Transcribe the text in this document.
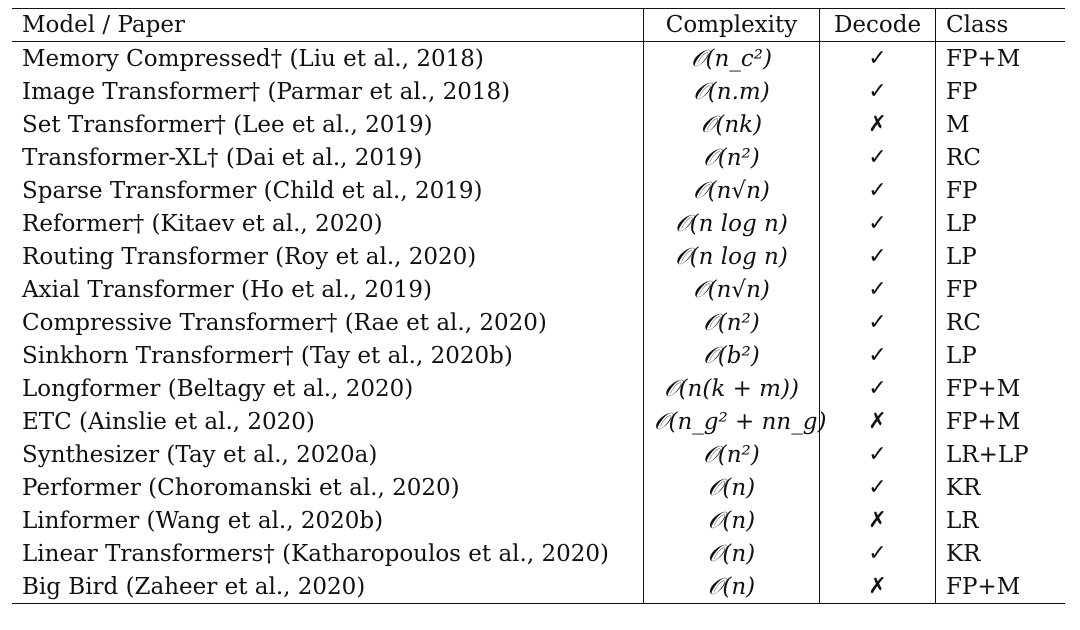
Model / Paper	Complexity	Decode	Class
Memory Compressed† (Liu et al., 2018)	𝒪(n_c²)	✓	FP+M
Image Transformer† (Parmar et al., 2018)	𝒪(n.m)	✓	FP
Set Transformer† (Lee et al., 2019)	𝒪(nk)	✗	M
Transformer-XL† (Dai et al., 2019)	𝒪(n²)	✓	RC
Sparse Transformer (Child et al., 2019)	𝒪(n√n)	✓	FP
Reformer† (Kitaev et al., 2020)	𝒪(n log n)	✓	LP
Routing Transformer (Roy et al., 2020)	𝒪(n log n)	✓	LP
Axial Transformer (Ho et al., 2019)	𝒪(n√n)	✓	FP
Compressive Transformer† (Rae et al., 2020)	𝒪(n²)	✓	RC
Sinkhorn Transformer† (Tay et al., 2020b)	𝒪(b²)	✓	LP
Longformer (Beltagy et al., 2020)	𝒪(n(k + m))	✓	FP+M
ETC (Ainslie et al., 2020)	𝒪(n_g² + nn_g)	✗	FP+M
Synthesizer (Tay et al., 2020a)	𝒪(n²)	✓	LR+LP
Performer (Choromanski et al., 2020)	𝒪(n)	✓	KR
Linformer (Wang et al., 2020b)	𝒪(n)	✗	LR
Linear Transformers† (Katharopoulos et al., 2020)	𝒪(n)	✓	KR
Big Bird (Zaheer et al., 2020)	𝒪(n)	✗	FP+M
